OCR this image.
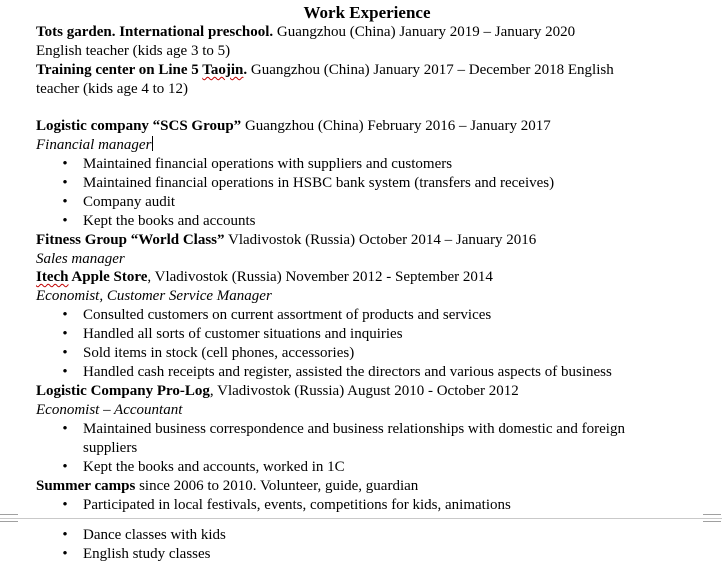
Work Experience
Tots garden. International preschool. Guangzhou (China) January 2019 – January 2020
English teacher (kids age 3 to 5)
Training center on Line 5 Taojin. Guangzhou (China) January 2017 – December 2018 English
teacher (kids age 4 to 12)
Logistic company “SCS Group” Guangzhou (China) February 2016 – January 2017
Financial manager
• Maintained financial operations with suppliers and customers
• Maintained financial operations in HSBC bank system (transfers and receives)
• Company audit
• Kept the books and accounts
Fitness Group “World Class” Vladivostok (Russia) October 2014 – January 2016
Sales manager
Itech Apple Store, Vladivostok (Russia) November 2012 - September 2014
Economist, Customer Service Manager
• Consulted customers on current assortment of products and services
• Handled all sorts of customer situations and inquiries
• Sold items in stock (cell phones, accessories)
• Handled cash receipts and register, assisted the directors and various aspects of business
Logistic Company Pro-Log, Vladivostok (Russia) August 2010 - October 2012
Economist – Accountant
• Maintained business correspondence and business relationships with domestic and foreign
suppliers
• Kept the books and accounts, worked in 1C
Summer camps since 2006 to 2010. Volunteer, guide, guardian
• Participated in local festivals, events, competitions for kids, animations
• Dance classes with kids
• English study classes
